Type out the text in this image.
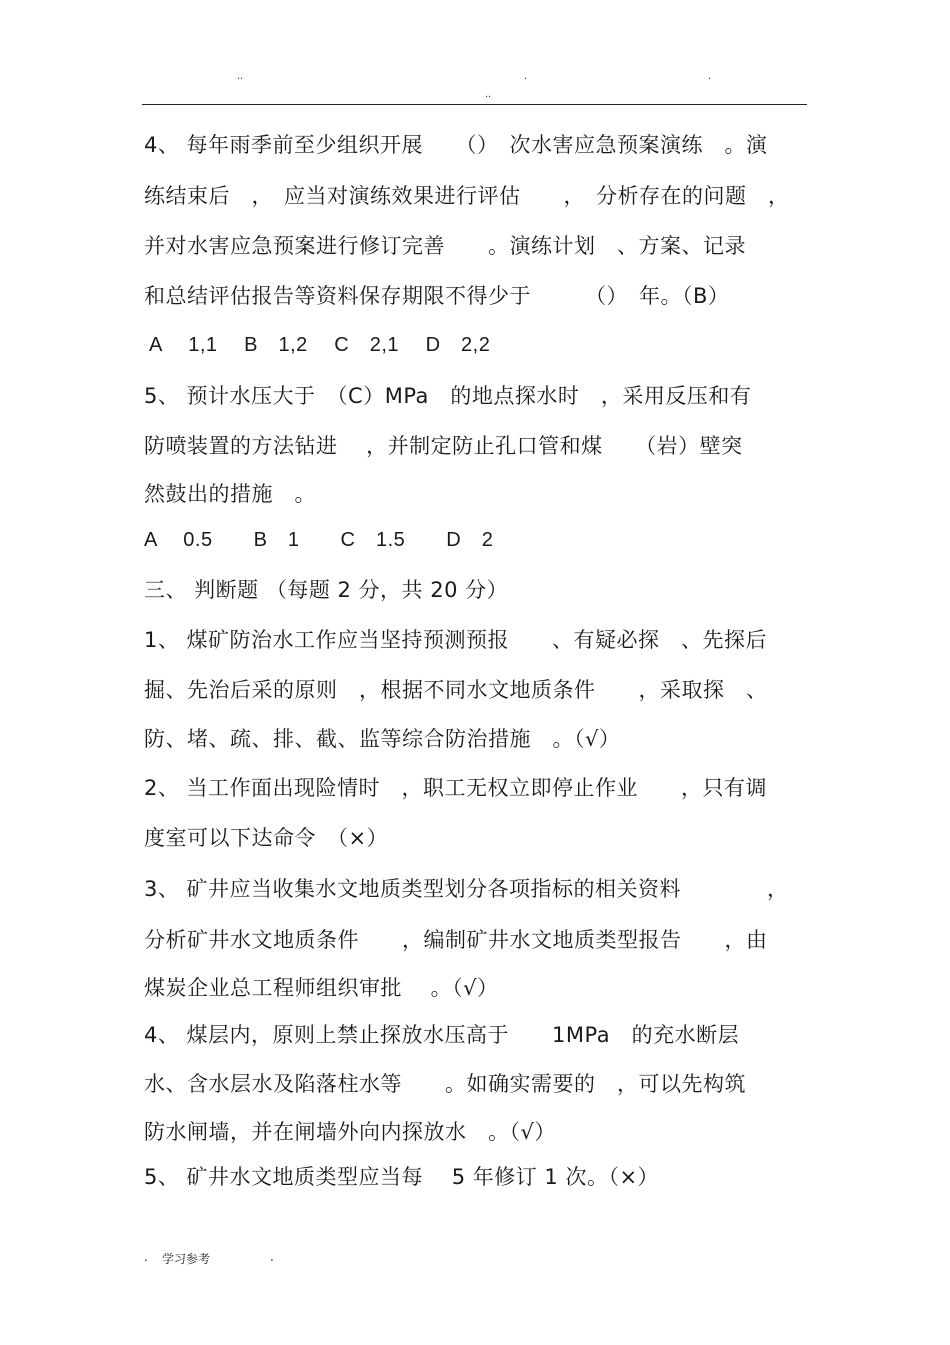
..	.	.
..
4、 每年雨季前至少组织开展　　（）　次水害应急预案演练　。演
练结束后　，　应当对演练效果进行评估　　，　分析存在的问题　，
并对水害应急预案进行修订完善　　。演练计划　、方案、记录
和总结评估报告等资料保存期限不得少于　　　（）　年。（B）
A　 1,1　 B　1,2　 C　2,1　 D　2,2
5、 预计水压大于　（C）MPa　的地点探水时　，采用反压和有
防喷装置的方法钻进　 ，并制定防止孔口管和煤　　（岩）壁突
然鼓出的措施　。
A　 0.5　　B　1　　C　1.5　　D　2
三、 判断题 （每题 2 分，共 20 分）
1、 煤矿防治水工作应当坚持预测预报　　、有疑必探　、先探后
掘、先治后采的原则　，根据不同水文地质条件　　，采取探　、
防、堵、疏、排、截、监等综合防治措施　。（√）
2、 当工作面出现险情时　，职工无权立即停止作业　　，只有调
度室可以下达命令　（×）
3、 矿井应当收集水文地质类型划分各项指标的相关资料　　　　，
分析矿井水文地质条件　　，编制矿井水文地质类型报告　　，由
煤炭企业总工程师组织审批　 。（√）
4、 煤层内，原则上禁止探放水压高于　　1MPa　的充水断层
水、含水层水及陷落柱水等　　。如确实需要的　，可以先构筑
防水闸墙，并在闸墙外向内探放水　。（√）
5、 矿井水文地质类型应当每　 5 年修订 1 次。（×）
. 学习参考	.
